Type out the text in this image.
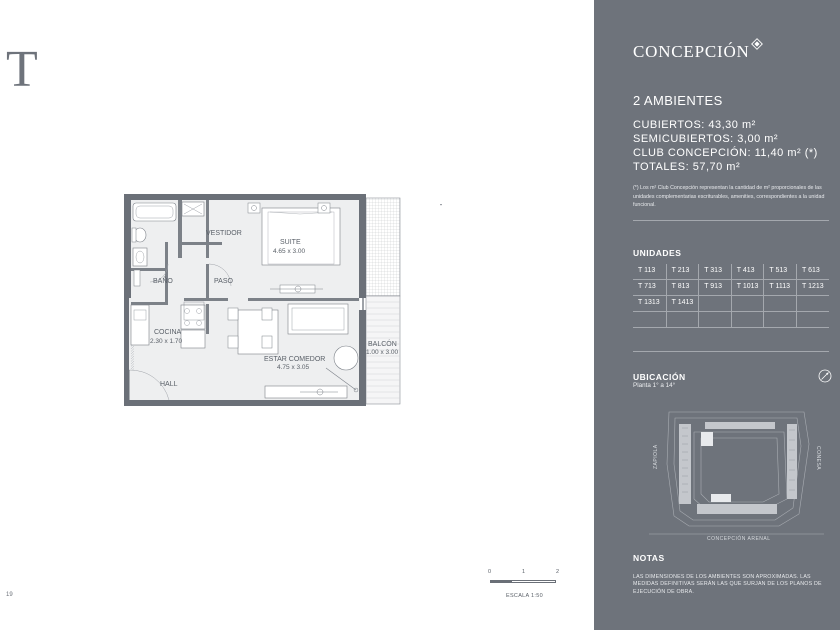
T
VESTIDOR
SUITE
4.65 x 3.00
BAÑO	PASO
COCINA
2.30 x 1.70
ESTAR COMEDOR
4.75 x 3.05
BALCÓN
1.00 x 3.00
HALL
0	1	2
ESCALA 1:50
19
CONCEPCIÓN
2 AMBIENTES
CUBIERTOS: 43,30 m²
SEMICUBIERTOS: 3,00 m²
CLUB CONCEPCIÓN: 11,40 m² (*)
TOTALES: 57,70 m²
(*) Los m² Club Concepción representan la cantidad de m² proporcionales de las unidades complementarias escriturables, amenities, correspondientes a la unidad funcional.
UNIDADES
T 113	T 213	T 313	T 413	T 513	T 613
T 713	T 813	T 913	T 1013	T 1113	T 1213
T 1313	T 1413
UBICACIÓN
Planta 1° a 14°
ZAPIOLA	CONESA
CONCEPCIÓN ARENAL
NOTAS
LAS DIMENSIONES DE LOS AMBIENTES SON APROXIMADAS. LAS MEDIDAS DEFINITIVAS SERÁN LAS QUE SURJAN DE LOS PLANOS DE EJECUCIÓN DE OBRA.
